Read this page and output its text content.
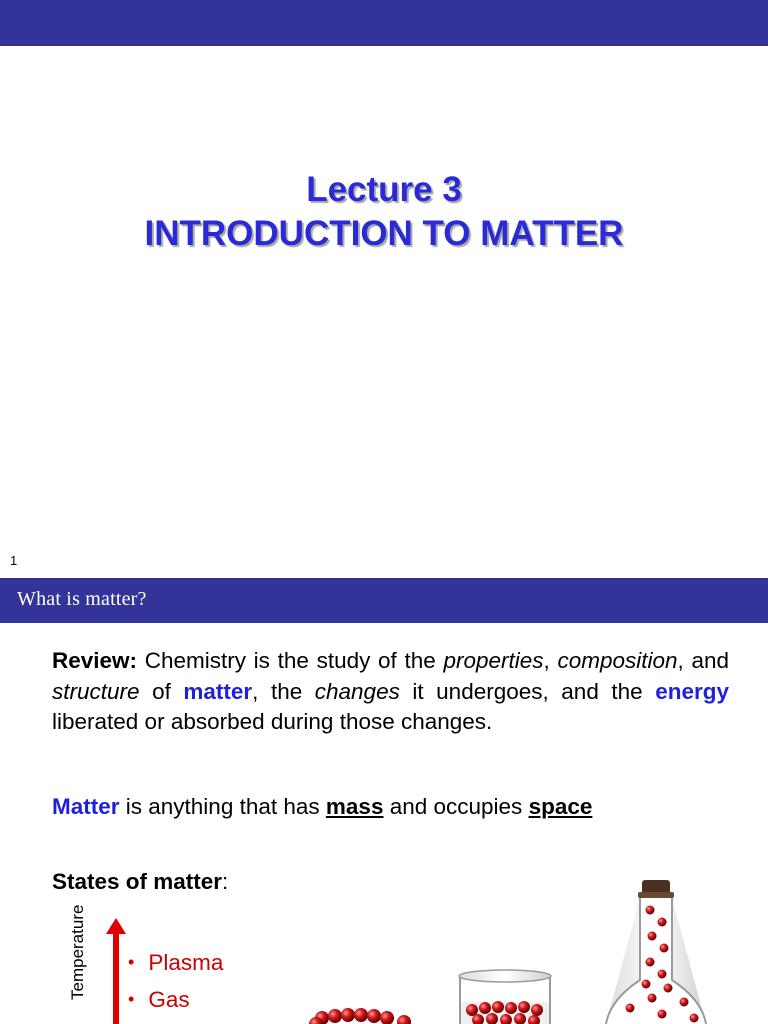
Lecture 3
INTRODUCTION TO MATTER
1
What is matter?
Review: Chemistry is the study of the properties, composition, and structure of matter, the changes it undergoes, and the energy liberated or absorbed during those changes.
Matter is anything that has mass and occupies space
States of matter:
Temperature • Plasma
• Gas
